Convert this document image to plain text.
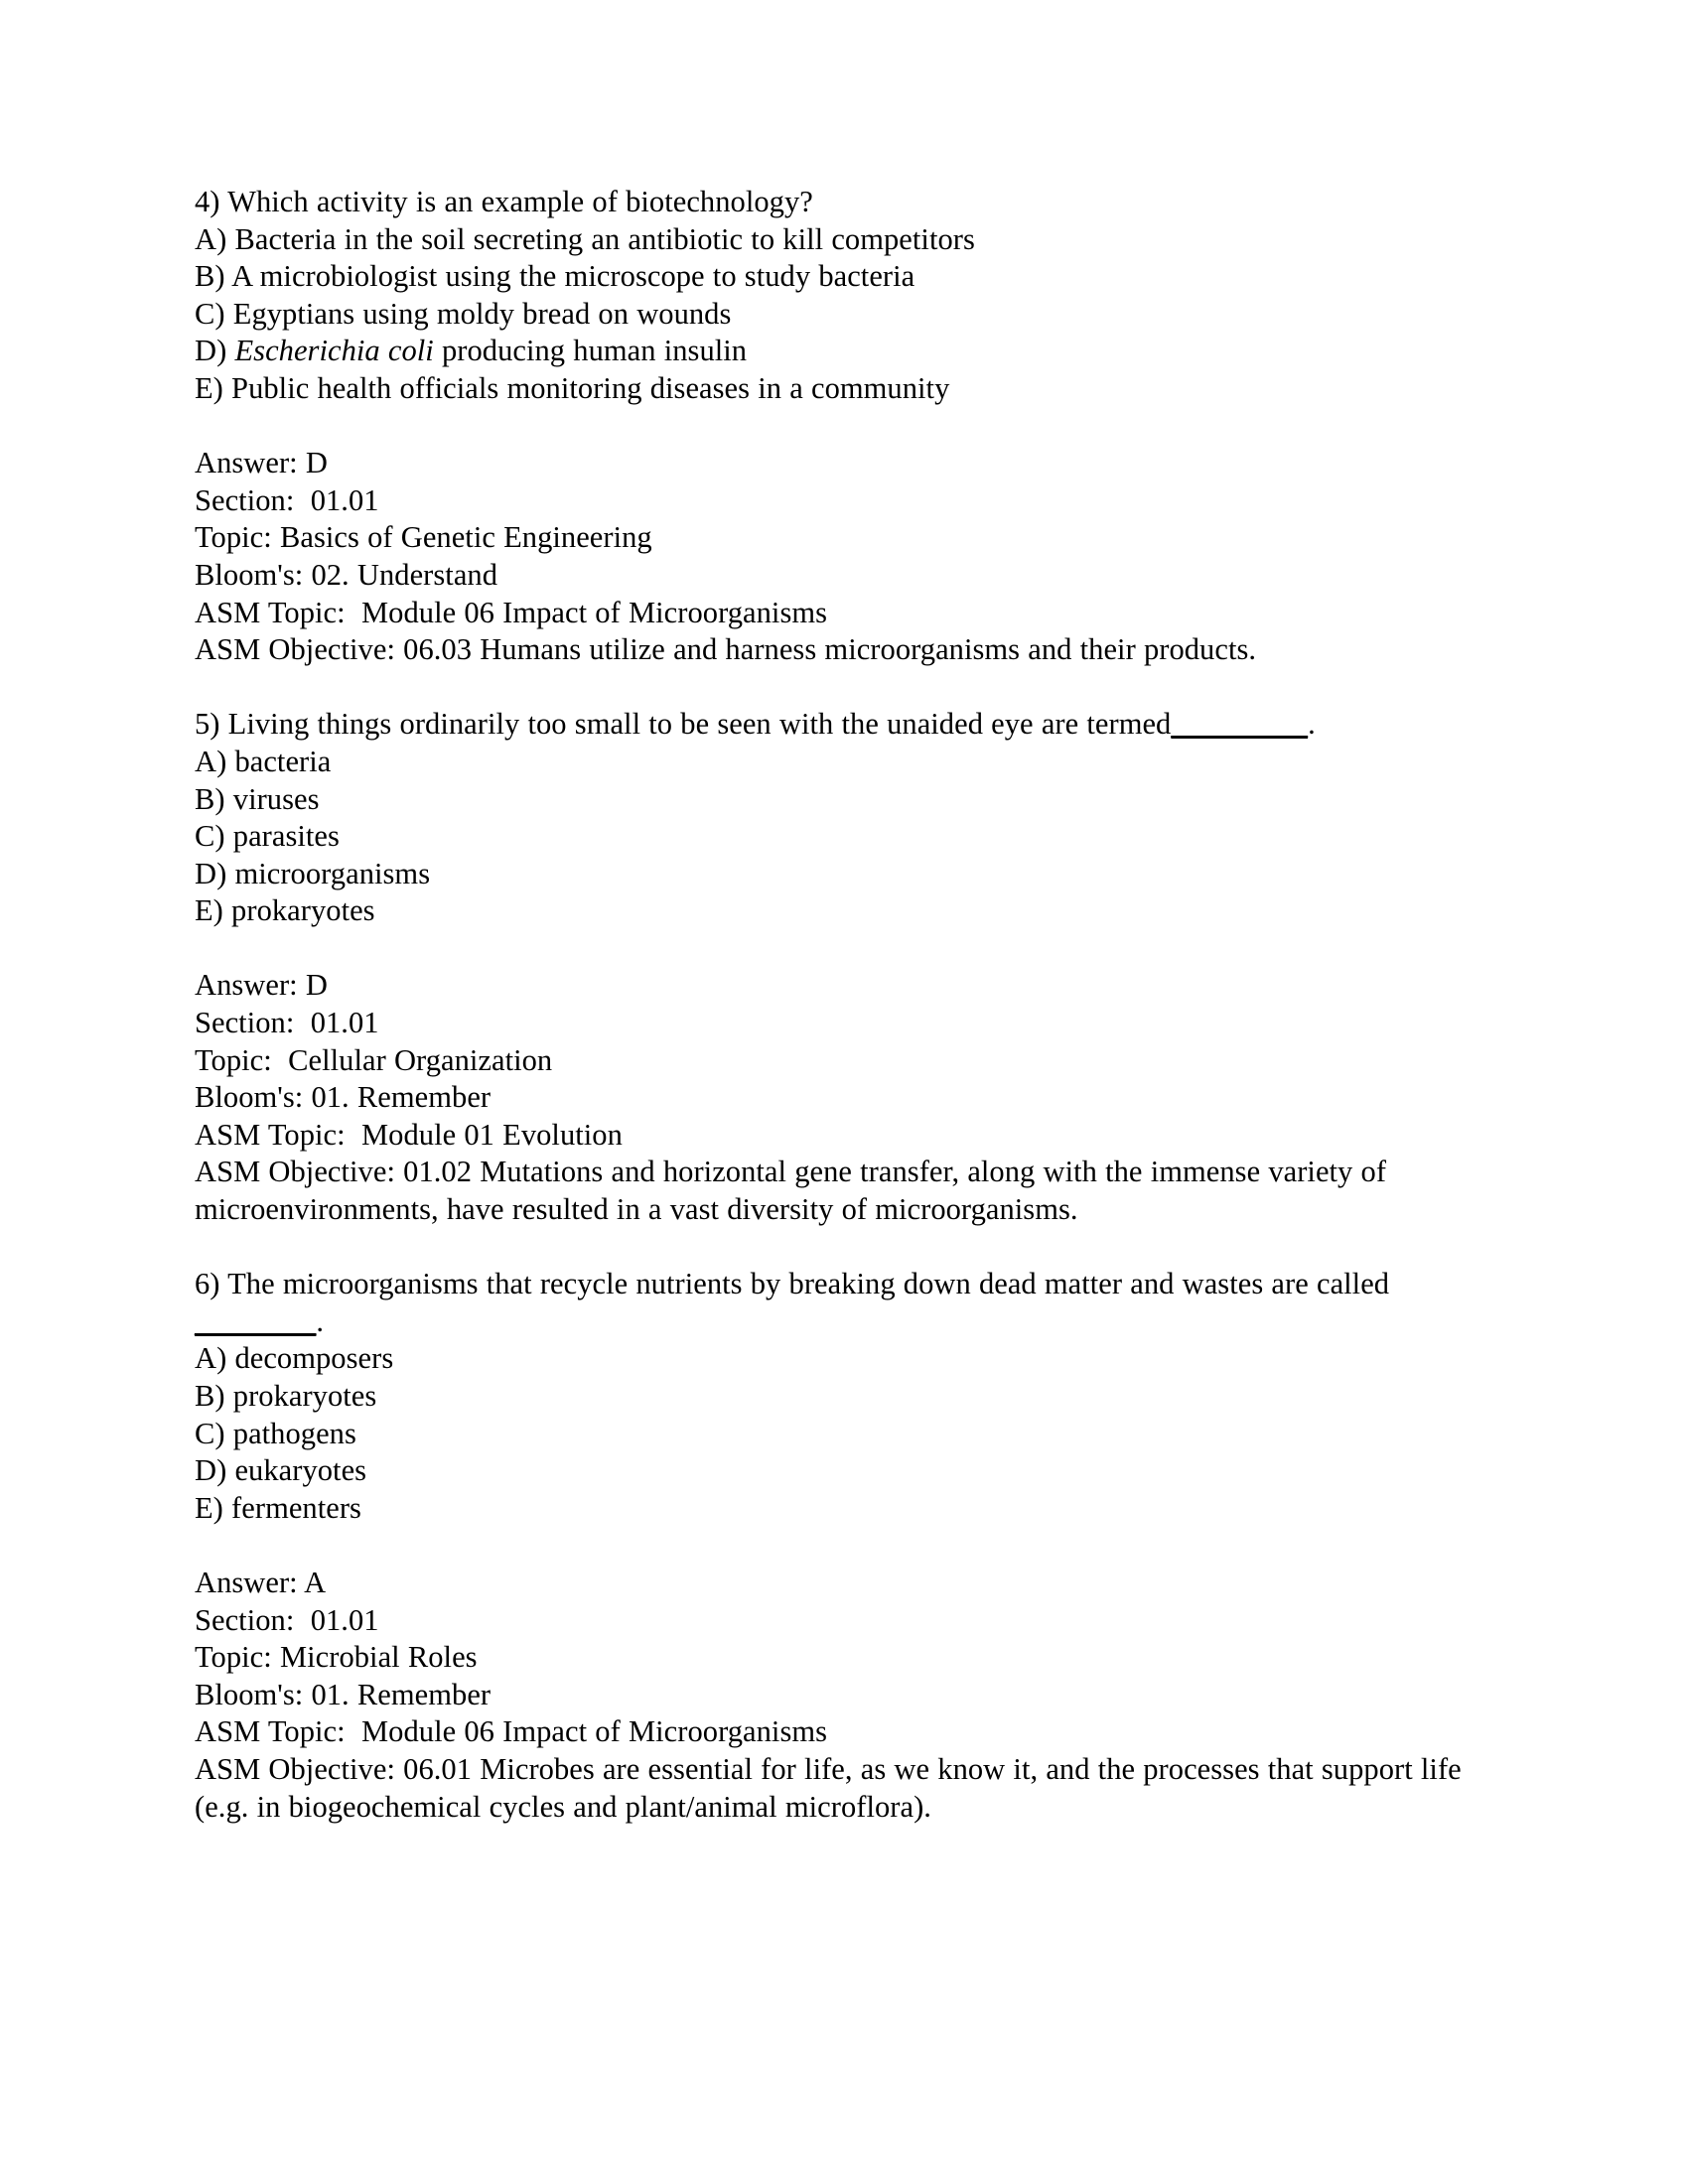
4) Which activity is an example of biotechnology?
A) Bacteria in the soil secreting an antibiotic to kill competitors
B) A microbiologist using the microscope to study bacteria
C) Egyptians using moldy bread on wounds
D) Escherichia coli producing human insulin
E) Public health officials monitoring diseases in a community
Answer: D
Section:  01.01
Topic: Basics of Genetic Engineering
Bloom's: 02. Understand
ASM Topic:  Module 06 Impact of Microorganisms
ASM Objective: 06.03 Humans utilize and harness microorganisms and their products.
5) Living things ordinarily too small to be seen with the unaided eye are termed_________.
A) bacteria
B) viruses
C) parasites
D) microorganisms
E) prokaryotes
Answer: D
Section:  01.01
Topic:  Cellular Organization
Bloom's: 01. Remember
ASM Topic:  Module 01 Evolution
ASM Objective: 01.02 Mutations and horizontal gene transfer, along with the immense variety of microenvironments, have resulted in a vast diversity of microorganisms.
6) The microorganisms that recycle nutrients by breaking down dead matter and wastes are called ________.
A) decomposers
B) prokaryotes
C) pathogens
D) eukaryotes
E) fermenters
Answer: A
Section:  01.01
Topic: Microbial Roles
Bloom's: 01. Remember
ASM Topic:  Module 06 Impact of Microorganisms
ASM Objective: 06.01 Microbes are essential for life, as we know it, and the processes that support life (e.g. in biogeochemical cycles and plant/animal microflora).
